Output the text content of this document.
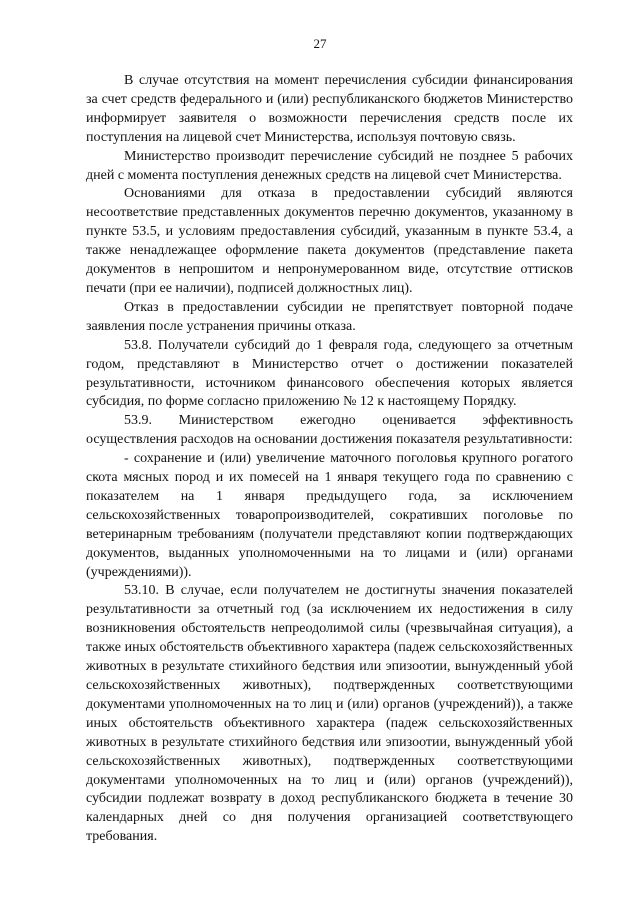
27

В случае отсутствия на момент перечисления субсидии финансирования за счет средств федерального и (или) республиканского бюджетов Министерство информирует заявителя о возможности перечисления средств после их поступления на лицевой счет Министерства, используя почтовую связь.

Министерство производит перечисление субсидий не позднее 5 рабочих дней с момента поступления денежных средств на лицевой счет Министерства.

Основаниями для отказа в предоставлении субсидий являются несоответствие представленных документов перечню документов, указанному в пункте 53.5, и условиям предоставления субсидий, указанным в пункте 53.4, а также ненадлежащее оформление пакета документов (представление пакета документов в непрошитом и непронумерованном виде, отсутствие оттисков печати (при ее наличии), подписей должностных лиц).

Отказ в предоставлении субсидии не препятствует повторной подаче заявления после устранения причины отказа.

53.8. Получатели субсидий до 1 февраля года, следующего за отчетным годом, представляют в Министерство отчет о достижении показателей результативности, источником финансового обеспечения которых является субсидия, по форме согласно приложению № 12 к настоящему Порядку.

53.9. Министерством ежегодно оценивается эффективность осуществления расходов на основании достижения показателя результативности:

- сохранение и (или) увеличение маточного поголовья крупного рогатого скота мясных пород и их помесей на 1 января текущего года по сравнению с показателем на 1 января предыдущего года, за исключением сельскохозяйственных товаропроизводителей, сокративших поголовье по ветеринарным требованиям (получатели представляют копии подтверждающих документов, выданных уполномоченными на то лицами и (или) органами (учреждениями)).

53.10. В случае, если получателем не достигнуты значения показателей результативности за отчетный год (за исключением их недостижения в силу возникновения обстоятельств непреодолимой силы (чрезвычайная ситуация), а также иных обстоятельств объективного характера (падеж сельскохозяйственных животных в результате стихийного бедствия или эпизоотии, вынужденный убой сельскохозяйственных животных), подтвержденных соответствующими документами уполномоченных на то лиц и (или) органов (учреждений)), а также иных обстоятельств объективного характера (падеж сельскохозяйственных животных в результате стихийного бедствия или эпизоотии, вынужденный убой сельскохозяйственных животных), подтвержденных соответствующими документами уполномоченных на то лиц и (или) органов (учреждений)), субсидии подлежат возврату в доход республиканского бюджета в течение 30 календарных дней со дня получения организацией соответствующего требования.
